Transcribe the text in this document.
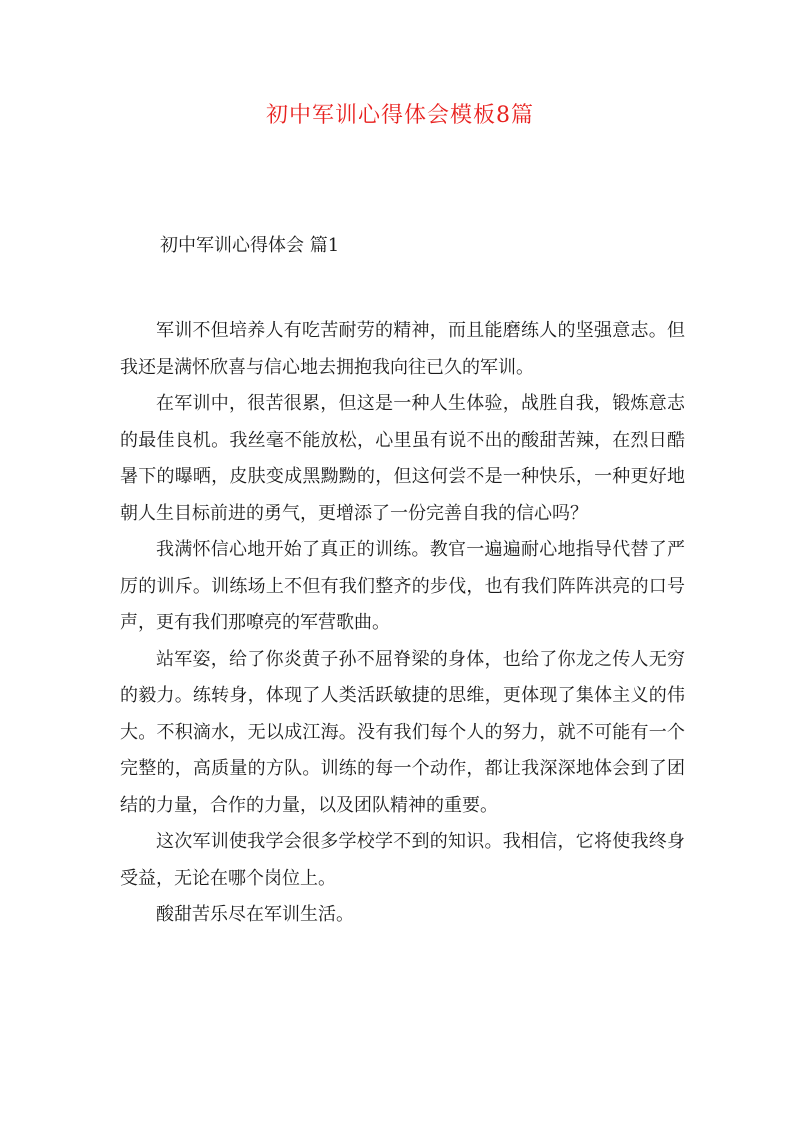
初中军训心得体会模板8篇
初中军训心得体会 篇1

军训不但培养人有吃苦耐劳的精神，而且能磨练人的坚强意志。但我还是满怀欣喜与信心地去拥抱我向往已久的军训。

在军训中，很苦很累，但这是一种人生体验，战胜自我，锻炼意志的最佳良机。我丝毫不能放松，心里虽有说不出的酸甜苦辣，在烈日酷暑下的曝晒，皮肤变成黑黝黝的，但这何尝不是一种快乐，一种更好地朝人生目标前进的勇气，更增添了一份完善自我的信心吗？

我满怀信心地开始了真正的训练。教官一遍遍耐心地指导代替了严厉的训斥。训练场上不但有我们整齐的步伐，也有我们阵阵洪亮的口号声，更有我们那嘹亮的军营歌曲。

站军姿，给了你炎黄子孙不屈脊梁的身体，也给了你龙之传人无穷的毅力。练转身，体现了人类活跃敏捷的思维，更体现了集体主义的伟大。不积滴水，无以成江海。没有我们每个人的努力，就不可能有一个完整的，高质量的方队。训练的每一个动作，都让我深深地体会到了团结的力量，合作的力量，以及团队精神的重要。

这次军训使我学会很多学校学不到的知识。我相信，它将使我终身受益，无论在哪个岗位上。

酸甜苦乐尽在军训生活。
